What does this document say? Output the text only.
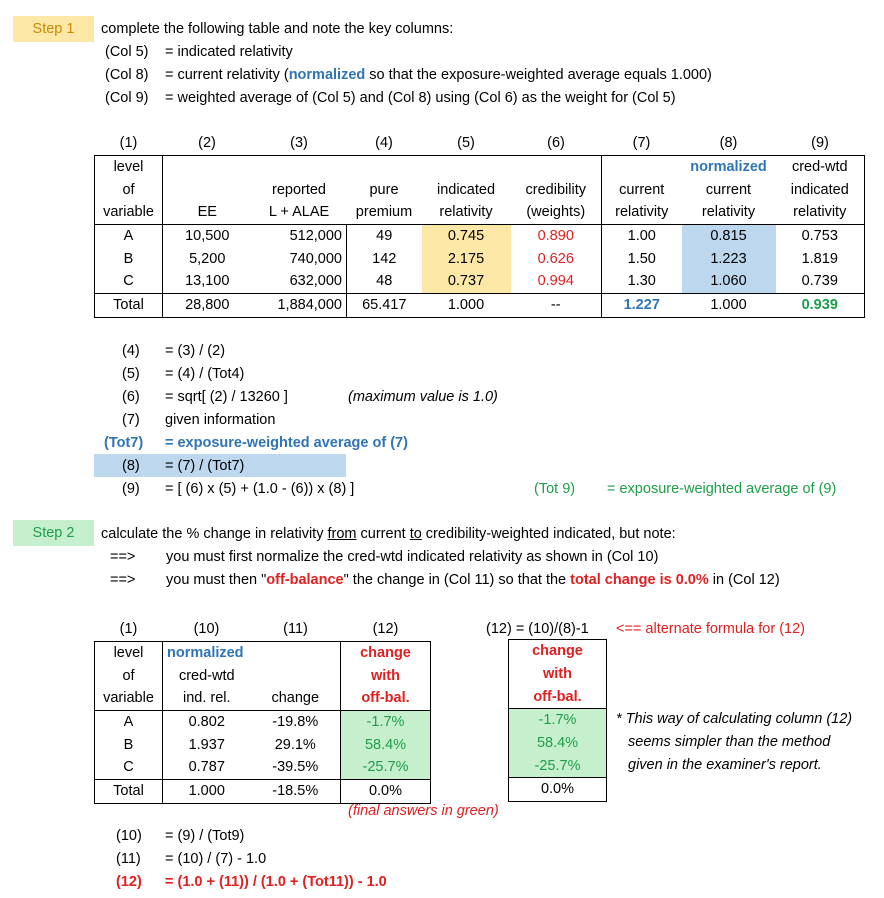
Step 1	complete the following table and note the key columns:
(Col 5) = indicated relativity
(Col 8) = current relativity (normalized so that the exposure-weighted average equals 1.000)
(Col 9) = weighted average of (Col 5) and (Col 8) using (Col 6) as the weight for (Col 5)
(1)	(2)	(3)	(4)	(5)	(6)	(7)	(8)	(9)
level							normalized	cred-wtd
of		reported	pure	indicated	credibility	current	current	indicated
variable	EE	L + ALAE	premium	relativity	(weights)	relativity	relativity	relativity
A	10,500	512,000	49	0.745	0.890	1.00	0.815	0.753
B	5,200	740,000	142	2.175	0.626	1.50	1.223	1.819
C	13,100	632,000	48	0.737	0.994	1.30	1.060	0.739
Total	28,800	1,884,000	65.417	1.000	--	1.227	1.000	0.939
(4) = (3) / (2)
(5) = (4) / (Tot4)
(6) = sqrt[ (2) / 13260 ]	(maximum value is 1.0)
(7) given information
(Tot7) = exposure-weighted average of (7)
(8) = (7) / (Tot7)
(9) = [ (6) x (5) + (1.0 - (6)) x (8) ]	(Tot 9) = exposure-weighted average of (9)
Step 2	calculate the % change in relativity from current to credibility-weighted indicated, but note:
==> you must first normalize the cred-wtd indicated relativity as shown in (Col 10)
==> you must then "off-balance" the change in (Col 11) so that the total change is 0.0% in (Col 12)
(1)	(10)	(11)	(12)
level	normalized		change
of	cred-wtd		with
variable	ind. rel.	change	off-bal.
A	0.802	-19.8%	-1.7%
B	1.937	29.1%	58.4%
C	0.787	-39.5%	-25.7%
Total	1.000	-18.5%	0.0%
(12) = (10)/(8)-1 <== alternate formula for (12)
change
with
off-bal.
-1.7%
58.4%
-25.7%
0.0%
* This way of calculating column (12)
seems simpler than the method
given in the examiner's report.
(final answers in green)
(10) = (9) / (Tot9)
(11) = (10) / (7) - 1.0
(12) = (1.0 + (11)) / (1.0 + (Tot11)) - 1.0
